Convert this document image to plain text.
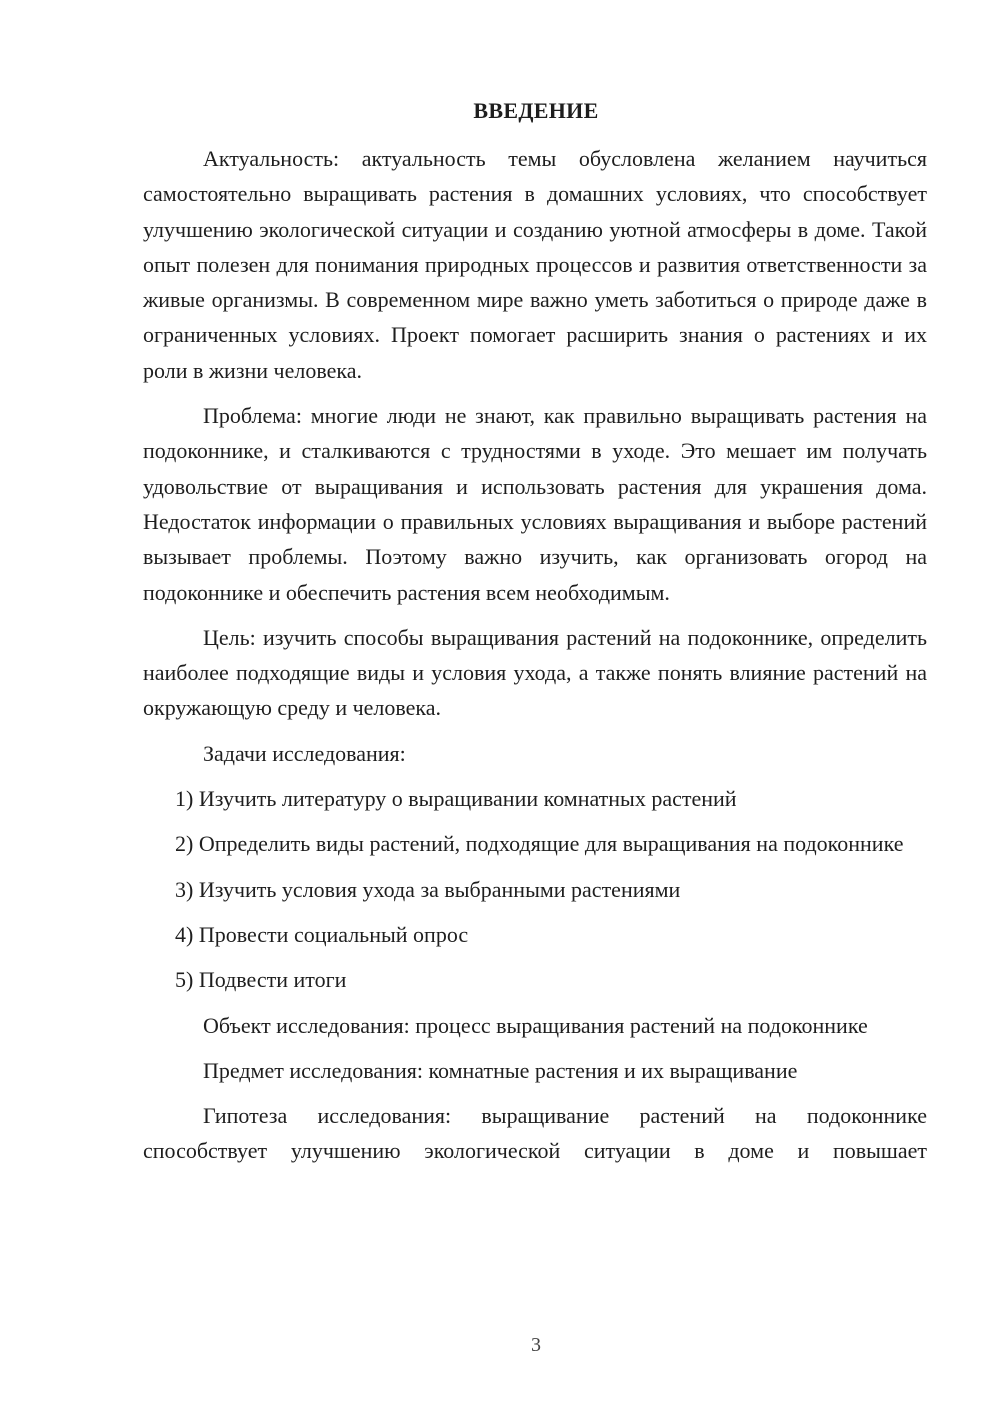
ВВЕДЕНИЕ

Актуальность: актуальность темы обусловлена желанием научиться самостоятельно выращивать растения в домашних условиях, что способствует улучшению экологической ситуации и созданию уютной атмосферы в доме. Такой опыт полезен для понимания природных процессов и развития ответственности за живые организмы. В современном мире важно уметь заботиться о природе даже в ограниченных условиях. Проект помогает расширить знания о растениях и их роли в жизни человека.

Проблема: многие люди не знают, как правильно выращивать растения на подоконнике, и сталкиваются с трудностями в уходе. Это мешает им получать удовольствие от выращивания и использовать растения для украшения дома. Недостаток информации о правильных условиях выращивания и выборе растений вызывает проблемы. Поэтому важно изучить, как организовать огород на подоконнике и обеспечить растения всем необходимым.

Цель: изучить способы выращивания растений на подоконнике, определить наиболее подходящие виды и условия ухода, а также понять влияние растений на окружающую среду и человека.

Задачи исследования:

1) Изучить литературу о выращивании комнатных растений

2) Определить виды растений, подходящие для выращивания на подоконнике

3) Изучить условия ухода за выбранными растениями

4) Провести социальный опрос

5) Подвести итоги

Объект исследования: процесс выращивания растений на подоконнике

Предмет исследования: комнатные растения и их выращивание

Гипотеза исследования: выращивание растений на подоконнике способствует улучшению экологической ситуации в доме и повышает

3
